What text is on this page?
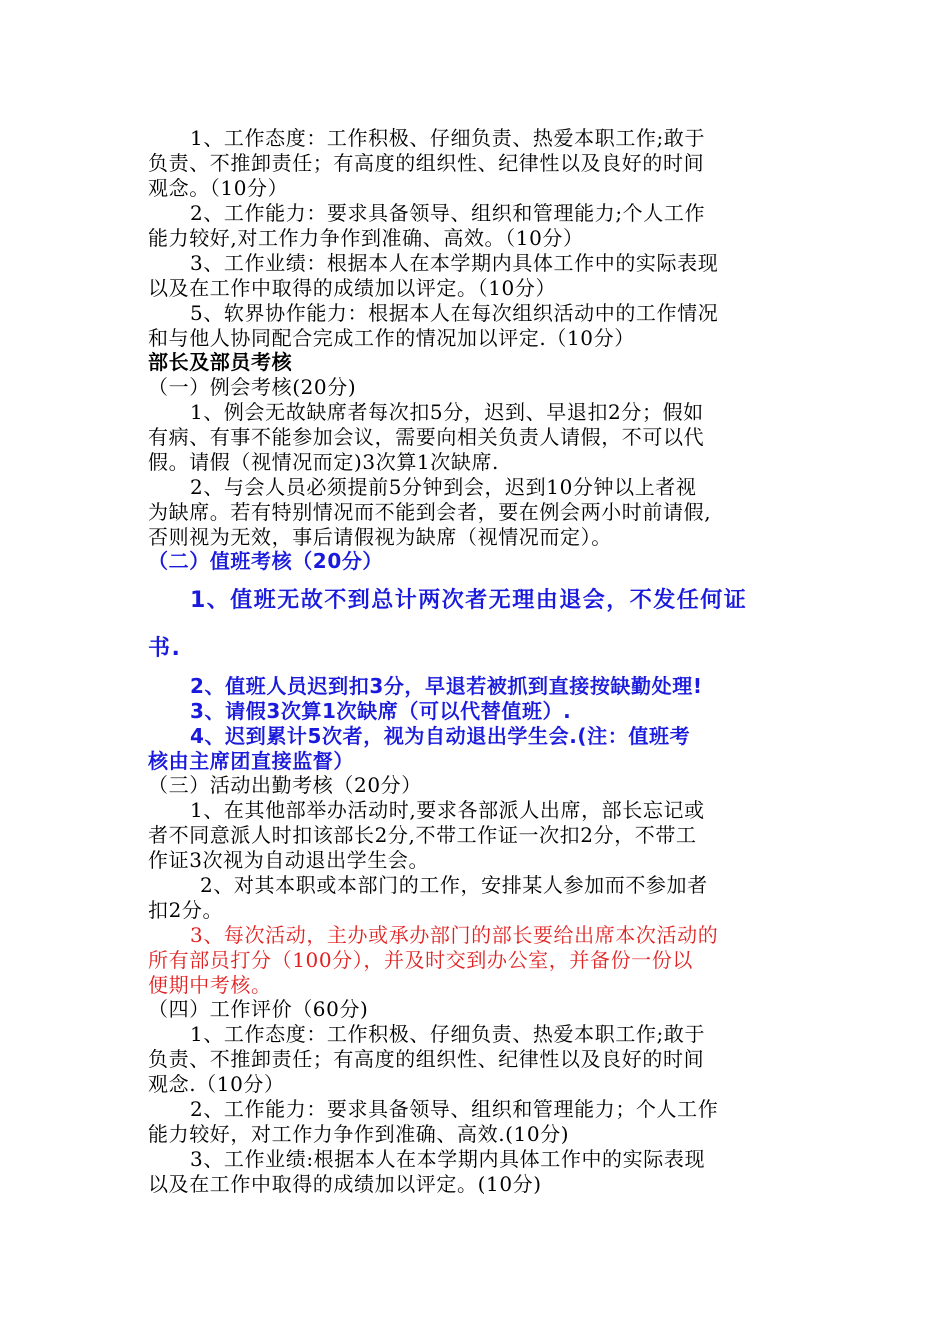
1、工作态度：工作积极、仔细负责、热爱本职工作;敢于
负责、不推卸责任；有高度的组织性、纪律性以及良好的时间
观念。（10分）
2、工作能力：要求具备领导、组织和管理能力;个人工作
能力较好,对工作力争作到准确、高效。（10分）
3、工作业绩：根据本人在本学期内具体工作中的实际表现
以及在工作中取得的成绩加以评定。（10分）
5、软界协作能力：根据本人在每次组织活动中的工作情况
和与他人协同配合完成工作的情况加以评定.（10分）
部长及部员考核
（一）例会考核(20分)
1、例会无故缺席者每次扣5分，迟到、早退扣2分；假如
有病、有事不能参加会议，需要向相关负责人请假，不可以代
假。请假（视情况而定)3次算1次缺席.
2、与会人员必须提前5分钟到会，迟到10分钟以上者视
为缺席。若有特别情况而不能到会者，要在例会两小时前请假,
否则视为无效，事后请假视为缺席（视情况而定）。
（二）值班考核（20分）
1、值班无故不到总计两次者无理由退会，不发任何证
书.
2、值班人员迟到扣3分，早退若被抓到直接按缺勤处理!
3、请假3次算1次缺席（可以代替值班）.
4、迟到累计5次者，视为自动退出学生会.(注：值班考
核由主席团直接监督）
（三）活动出勤考核（20分）
1、在其他部举办活动时,要求各部派人出席，部长忘记或
者不同意派人时扣该部长2分,不带工作证一次扣2分，不带工
作证3次视为自动退出学生会。
2、对其本职或本部门的工作，安排某人参加而不参加者
扣2分。
3、每次活动，主办或承办部门的部长要给出席本次活动的
所有部员打分（100分），并及时交到办公室，并备份一份以
便期中考核。
（四）工作评价（60分)
1、工作态度：工作积极、仔细负责、热爱本职工作;敢于
负责、不推卸责任；有高度的组织性、纪律性以及良好的时间
观念.（10分）
2、工作能力：要求具备领导、组织和管理能力；个人工作
能力较好，对工作力争作到准确、高效.(10分)
3、工作业绩:根据本人在本学期内具体工作中的实际表现
以及在工作中取得的成绩加以评定。(10分)
